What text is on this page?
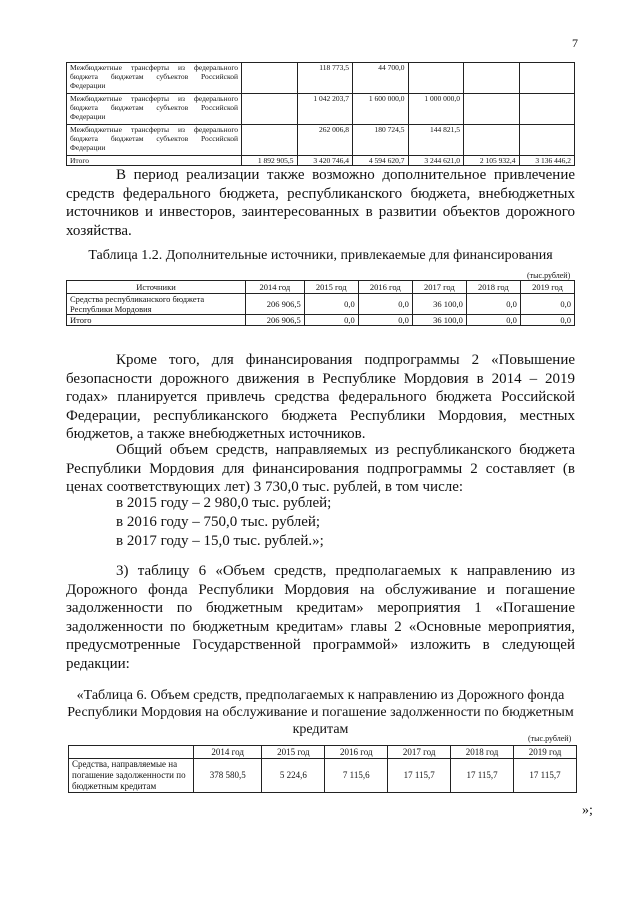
7
Межбюджетные трансферты из федерального бюджета бюджетам субъектов Российской Федерации		118 773,5	44 700,0			
Межбюджетные трансферты из федерального бюджета бюджетам субъектов Российской Федерации		1 042 203,7	1 600 000,0	1 000 000,0		
Межбюджетные трансферты из федерального бюджета бюджетам субъектов Российской Федерации		262 006,8	180 724,5	144 821,5		
Итого	1 892 905,5	3 420 746,4	4 594 620,7	3 244 621,0	2 105 932,4	3 136 446,2
В период реализации также возможно дополнительное привлечение средств федерального бюджета, республиканского бюджета, внебюджетных источников и инвесторов, заинтересованных в развитии объектов дорожного хозяйства.
Таблица 1.2. Дополнительные источники, привлекаемые для финансирования
(тыс.рублей)
Источники	2014 год	2015 год	2016 год	2017 год	2018 год	2019 год
Средства республиканского бюджета Республики Мордовия	206 906,5	0,0	0,0	36 100,0	0,0	0,0
Итого	206 906,5	0,0	0,0	36 100,0	0,0	0,0
Кроме того, для финансирования подпрограммы 2 «Повышение безопасности дорожного движения в Республике Мордовия в 2014 – 2019 годах» планируется привлечь средства федерального бюджета Российской Федерации, республиканского бюджета Республики Мордовия, местных бюджетов, а также внебюджетных источников.
Общий объем средств, направляемых из республиканского бюджета Республики Мордовия для финансирования подпрограммы 2 составляет (в ценах соответствующих лет) 3 730,0 тыс. рублей, в том числе:
в 2015 году – 2 980,0 тыс. рублей;
в 2016 году – 750,0 тыс. рублей;
в 2017 году – 15,0 тыс. рублей.»;
3) таблицу 6 «Объем средств, предполагаемых к направлению из Дорожного фонда Республики Мордовия на обслуживание и погашение задолженности по бюджетным кредитам» мероприятия 1 «Погашение задолженности по бюджетным кредитам» главы 2 «Основные мероприятия, предусмотренные Государственной программой» изложить в следующей редакции:
«Таблица 6. Объем средств, предполагаемых к направлению из Дорожного фонда Республики Мордовия на обслуживание и погашение задолженности по бюджетным кредитам
(тыс.рублей)
	2014 год	2015 год	2016 год	2017 год	2018 год	2019 год
Средства, направляемые на погашение задолженности по бюджетным кредитам	378 580,5	5 224,6	7 115,6	17 115,7	17 115,7	17 115,7
»;
